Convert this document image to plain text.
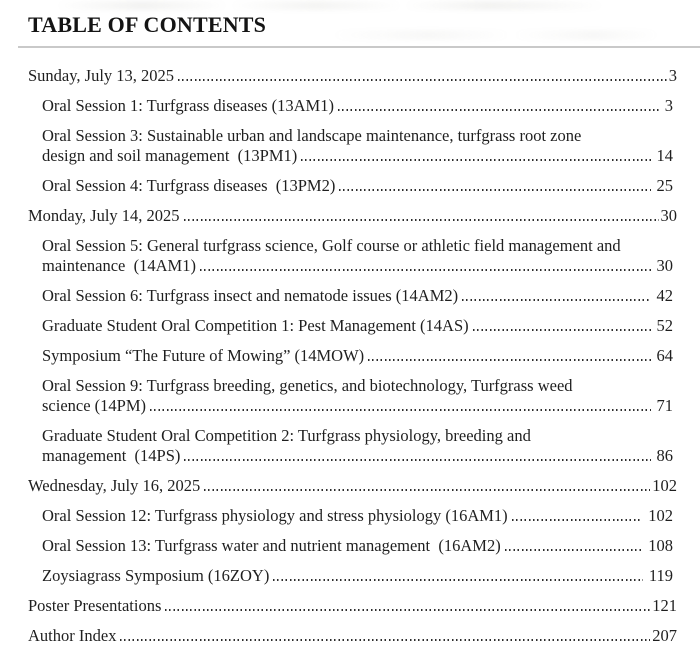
TABLE OF CONTENTS
Sunday, July 13, 2025	3
Oral Session 1: Turfgrass diseases (13AM1)	3
Oral Session 3: Sustainable urban and landscape maintenance, turfgrass root zone
design and soil management  (13PM1)	14
Oral Session 4: Turfgrass diseases  (13PM2)	25
Monday, July 14, 2025	30
Oral Session 5: General turfgrass science, Golf course or athletic field management and
maintenance  (14AM1)	30
Oral Session 6: Turfgrass insect and nematode issues (14AM2)	42
Graduate Student Oral Competition 1: Pest Management (14AS)	52
Symposium “The Future of Mowing” (14MOW)	64
Oral Session 9: Turfgrass breeding, genetics, and biotechnology, Turfgrass weed
science (14PM)	71
Graduate Student Oral Competition 2: Turfgrass physiology, breeding and
management  (14PS)	86
Wednesday, July 16, 2025	102
Oral Session 12: Turfgrass physiology and stress physiology (16AM1)	102
Oral Session 13: Turfgrass water and nutrient management  (16AM2)	108
Zoysiagrass Symposium (16ZOY)	119
Poster Presentations	121
Author Index	207
